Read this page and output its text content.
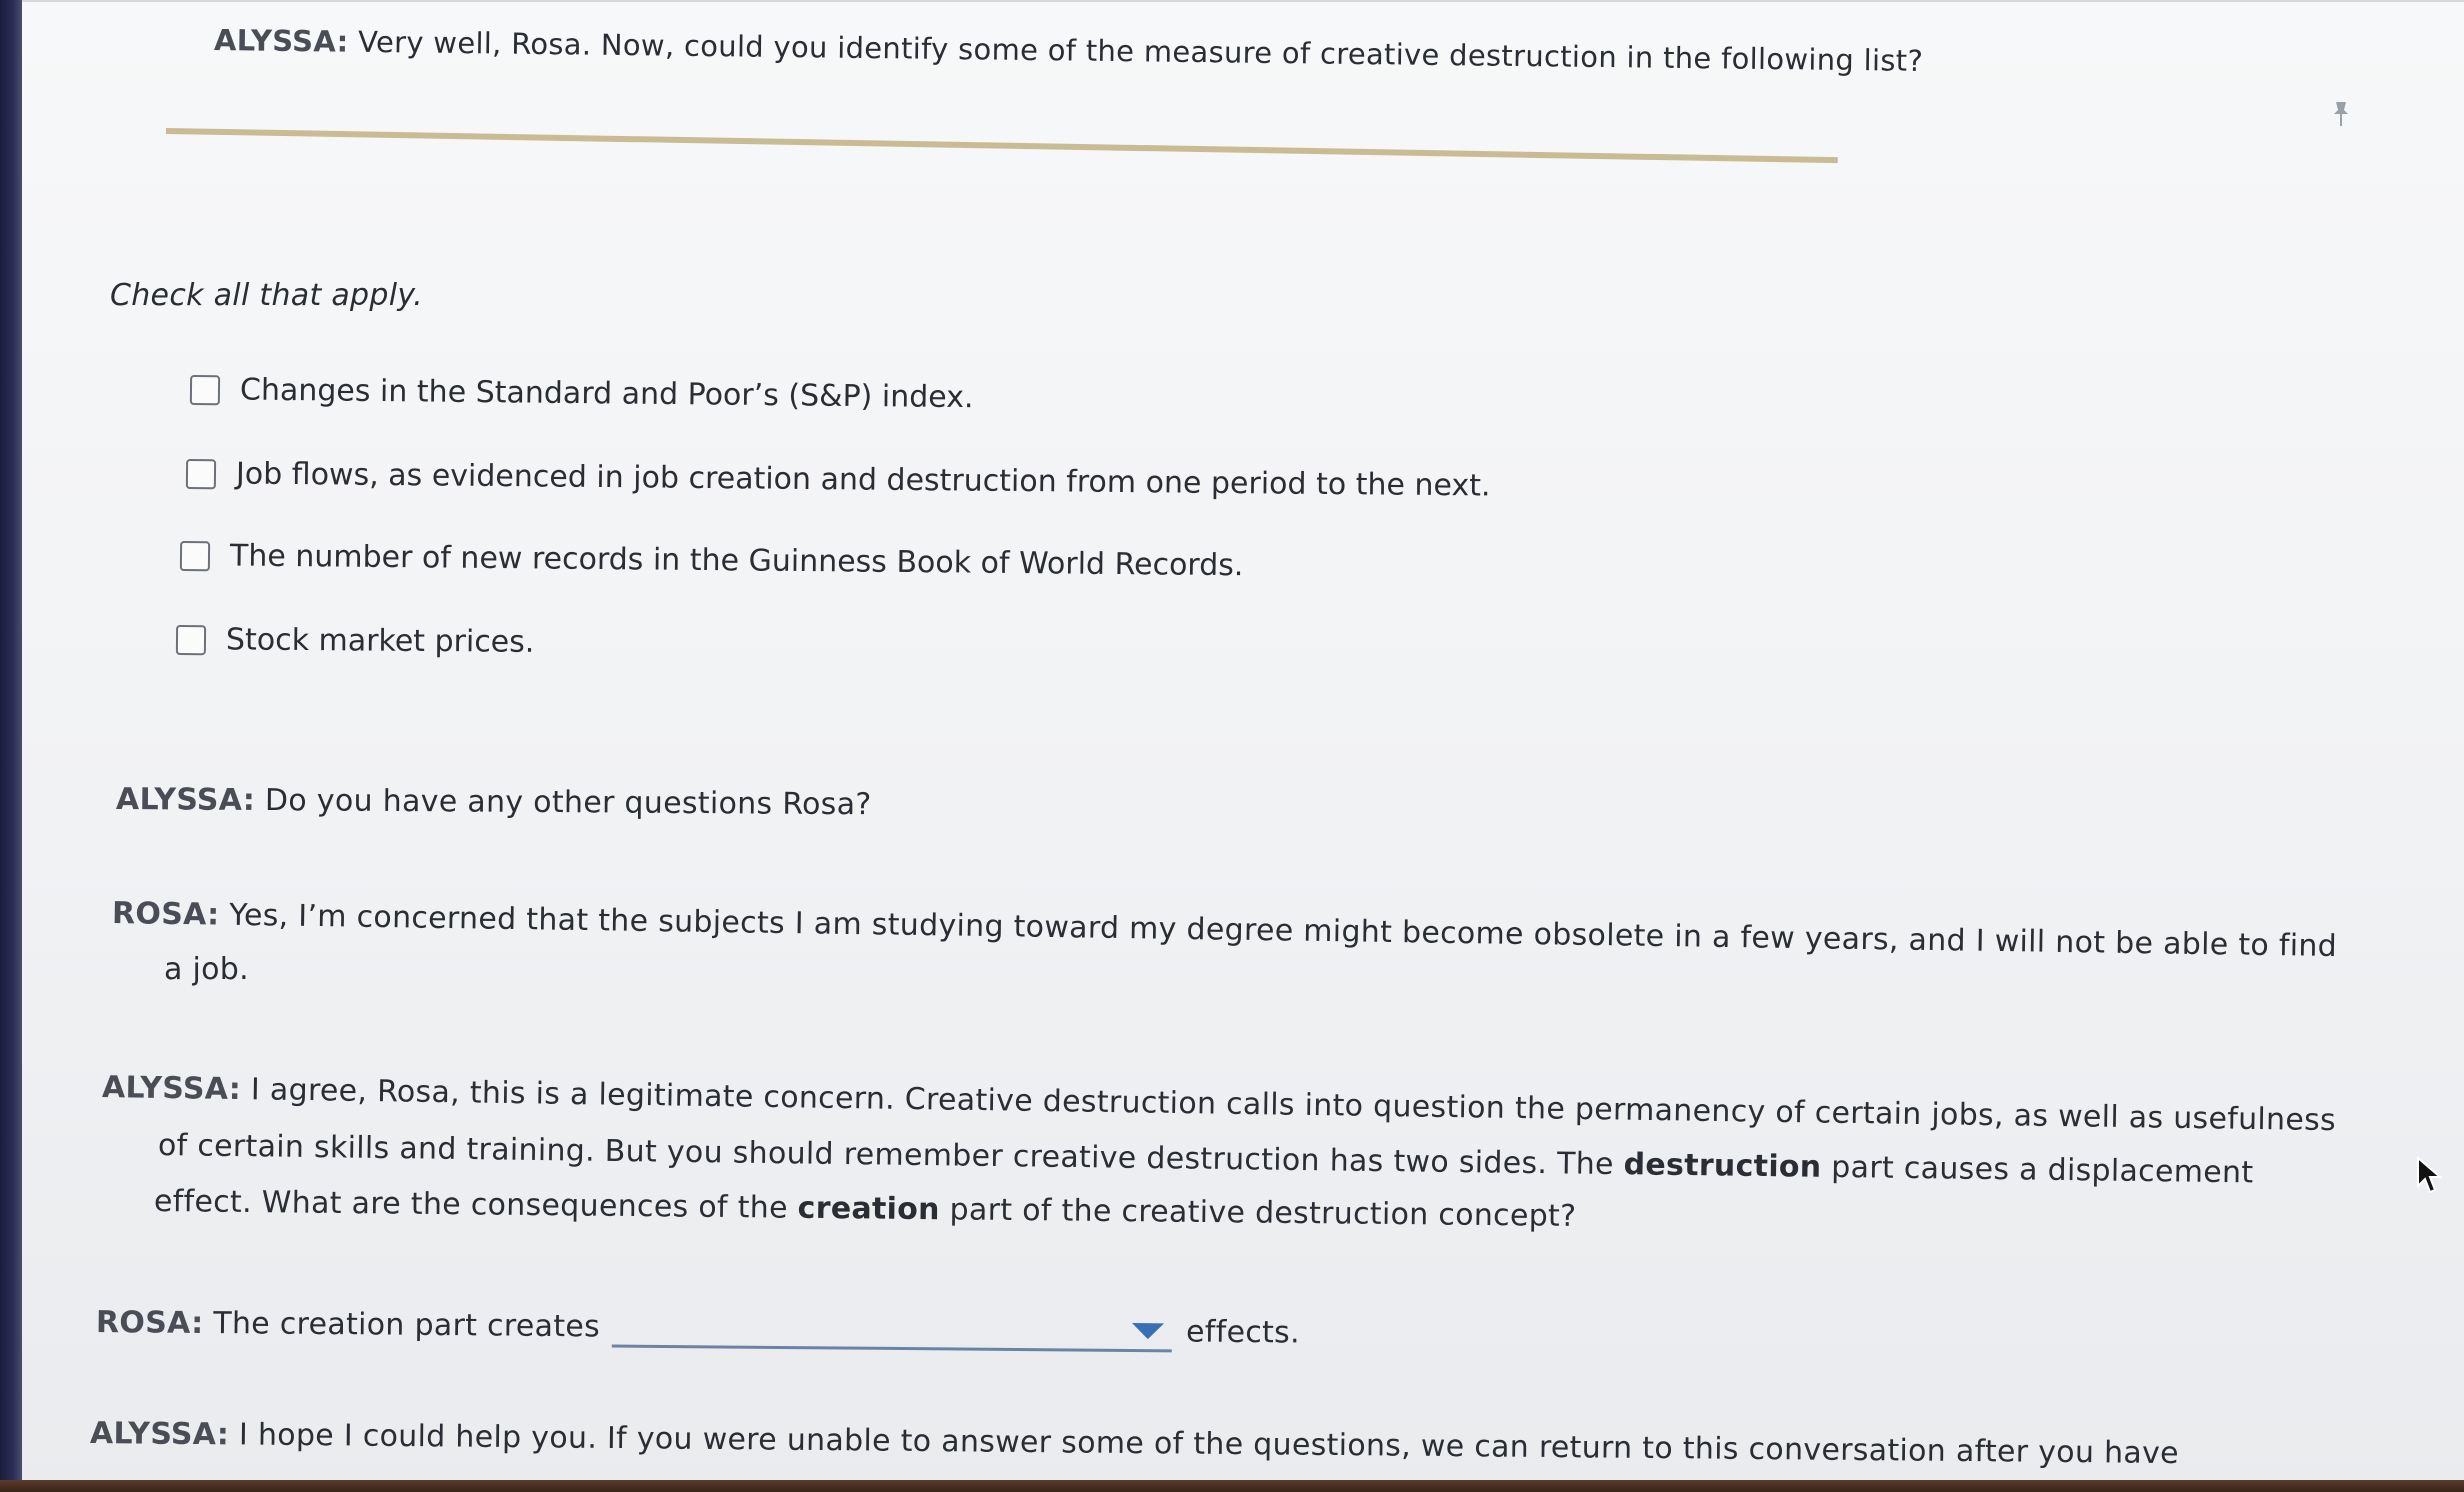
ALYSSA: Very well, Rosa. Now, could you identify some of the measure of creative destruction in the following list?
Check all that apply.
Changes in the Standard and Poor’s (S&P) index.
Job flows, as evidenced in job creation and destruction from one period to the next.
The number of new records in the Guinness Book of World Records.
Stock market prices.
ALYSSA: Do you have any other questions Rosa?
ROSA: Yes, I’m concerned that the subjects I am studying toward my degree might become obsolete in a few years, and I will not be able to find
a job.
ALYSSA: I agree, Rosa, this is a legitimate concern. Creative destruction calls into question the permanency of certain jobs, as well as usefulness
of certain skills and training. But you should remember creative destruction has two sides. The destruction part causes a displacement
effect. What are the consequences of the creation part of the creative destruction concept?
ROSA: The creation part creates	effects.
ALYSSA: I hope I could help you. If you were unable to answer some of the questions, we can return to this conversation after you have
